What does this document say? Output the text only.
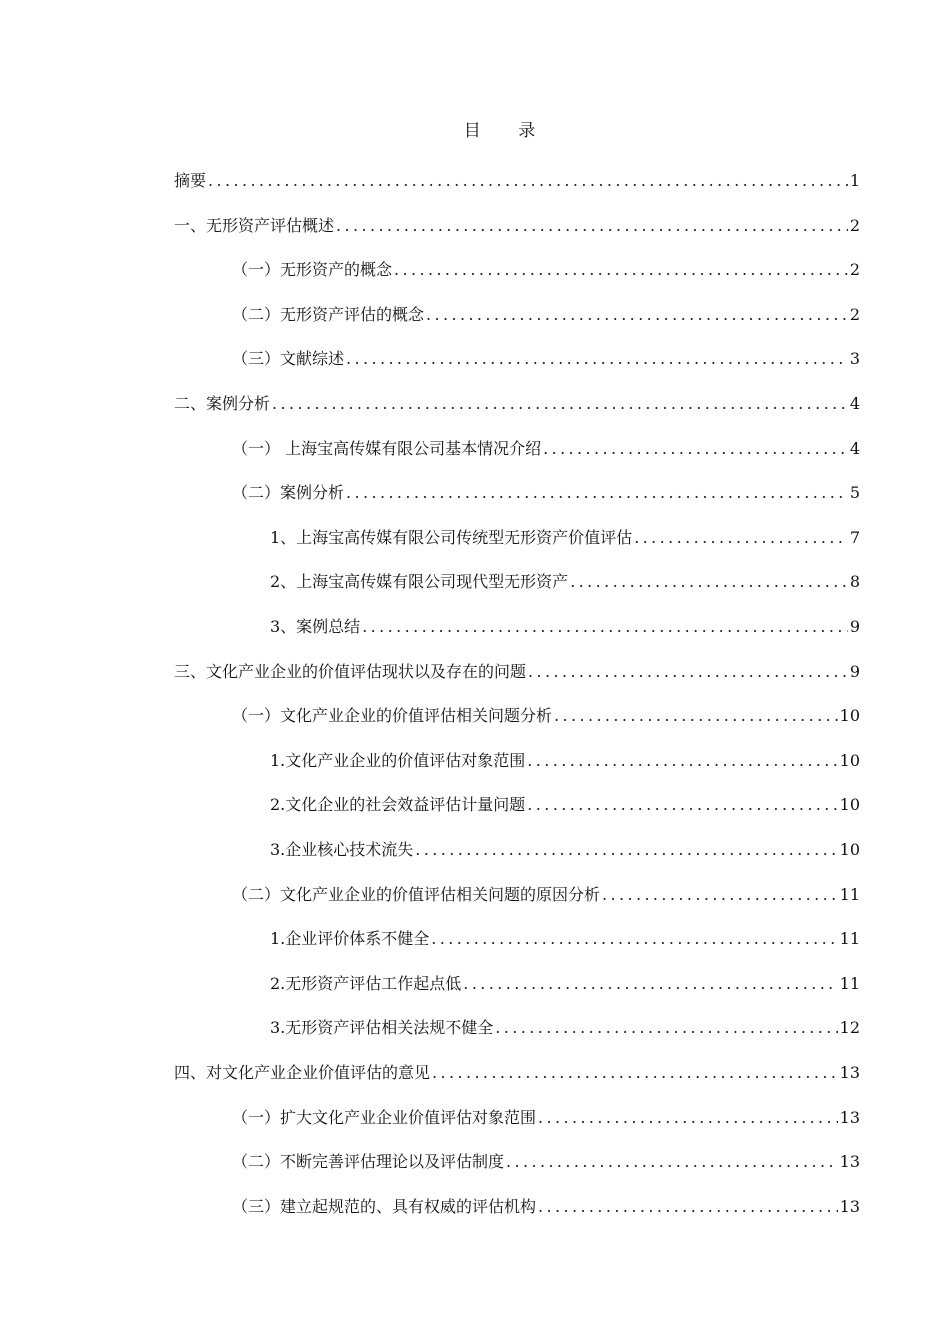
目 录
摘要 .....	1
一、无形资产评估概述 .....	2
（一）无形资产的概念 .....	2
（二）无形资产评估的概念 .....	2
（三）文献综述 .....	3
二、案例分析 .....	4
（一） 上海宝高传媒有限公司基本情况介绍 .....	4
（二）案例分析 .....	5
1、上海宝高传媒有限公司传统型无形资产价值评估 .....	7
2、上海宝高传媒有限公司现代型无形资产 .....	8
3、案例总结 .....	9
三、文化产业企业的价值评估现状以及存在的问题 .....	9
（一）文化产业企业的价值评估相关问题分析 .....	10
1.文化产业企业的价值评估对象范围 .....	10
2.文化企业的社会效益评估计量问题 .....	10
3.企业核心技术流失 .....	10
（二）文化产业企业的价值评估相关问题的原因分析 .....	11
1.企业评价体系不健全 .....	11
2.无形资产评估工作起点低 .....	11
3.无形资产评估相关法规不健全 .....	12
四、对文化产业企业价值评估的意见 .....	13
（一）扩大文化产业企业价值评估对象范围 .....	13
（二）不断完善评估理论以及评估制度 .....	13
（三）建立起规范的、具有权威的评估机构 .....	13
